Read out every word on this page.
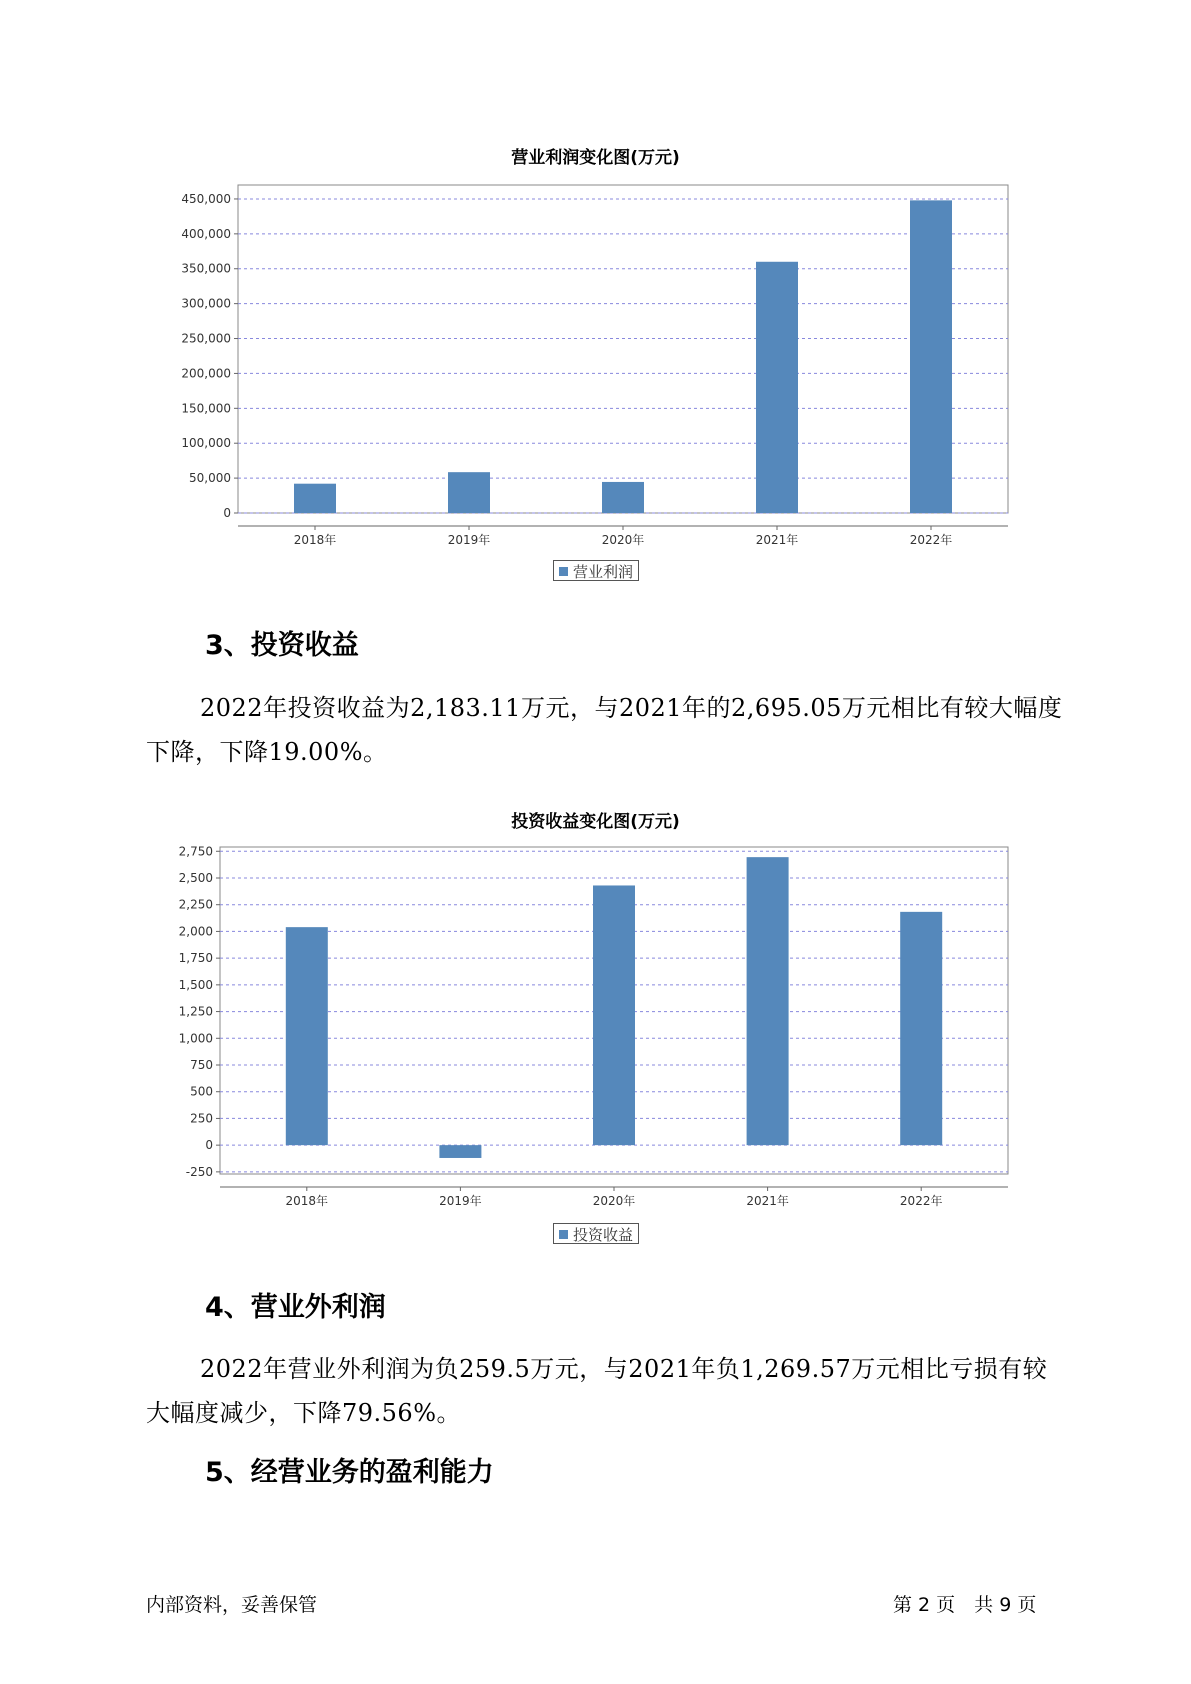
营业利润变化图(万元)
0
50,000
100,000
150,000
200,000
250,000
300,000
350,000
400,000
450,000
2018年	2019年	2020年	2021年	2022年
营业利润
3、投资收益

2022年投资收益为2,183.11万元，与2021年的2,695.05万元相比有较大幅度下降，下降19.00%。

投资收益变化图(万元)
-250
0
250
500
750
1,000
1,250
1,500
1,750
2,000
2,250
2,500
2,750
2018年	2019年	2020年	2021年	2022年
投资收益
4、营业外利润

2022年营业外利润为负259.5万元，与2021年负1,269.57万元相比亏损有较大幅度减少，下降79.56%。

5、经营业务的盈利能力
内部资料，妥善保管	第 2 页　共 9 页
